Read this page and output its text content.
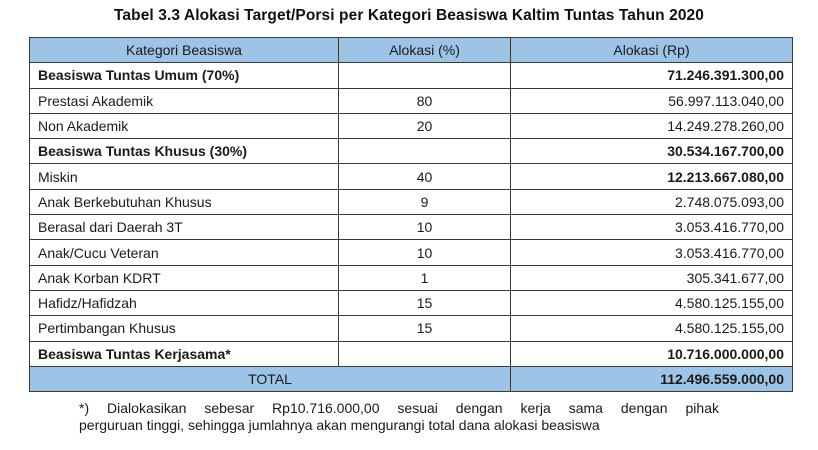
Tabel 3.3 Alokasi Target/Porsi per Kategori Beasiswa Kaltim Tuntas Tahun 2020
Kategori Beasiswa	Alokasi (%)	Alokasi (Rp)
Beasiswa Tuntas Umum (70%)		71.246.391.300,00
Prestasi Akademik	80	56.997.113.040,00
Non Akademik	20	14.249.278.260,00
Beasiswa Tuntas Khusus (30%)		30.534.167.700,00
Miskin	40	12.213.667.080,00
Anak Berkebutuhan Khusus	9	2.748.075.093,00
Berasal dari Daerah 3T	10	3.053.416.770,00
Anak/Cucu Veteran	10	3.053.416.770,00
Anak Korban KDRT	1	305.341.677,00
Hafidz/Hafidzah	15	4.580.125.155,00
Pertimbangan Khusus	15	4.580.125.155,00
Beasiswa Tuntas Kerjasama*		10.716.000.000,00
TOTAL		112.496.559.000,00
*) Dialokasikan sebesar Rp10.716.000,00 sesuai dengan kerja sama dengan pihak
perguruan tinggi, sehingga jumlahnya akan mengurangi total dana alokasi beasiswa
